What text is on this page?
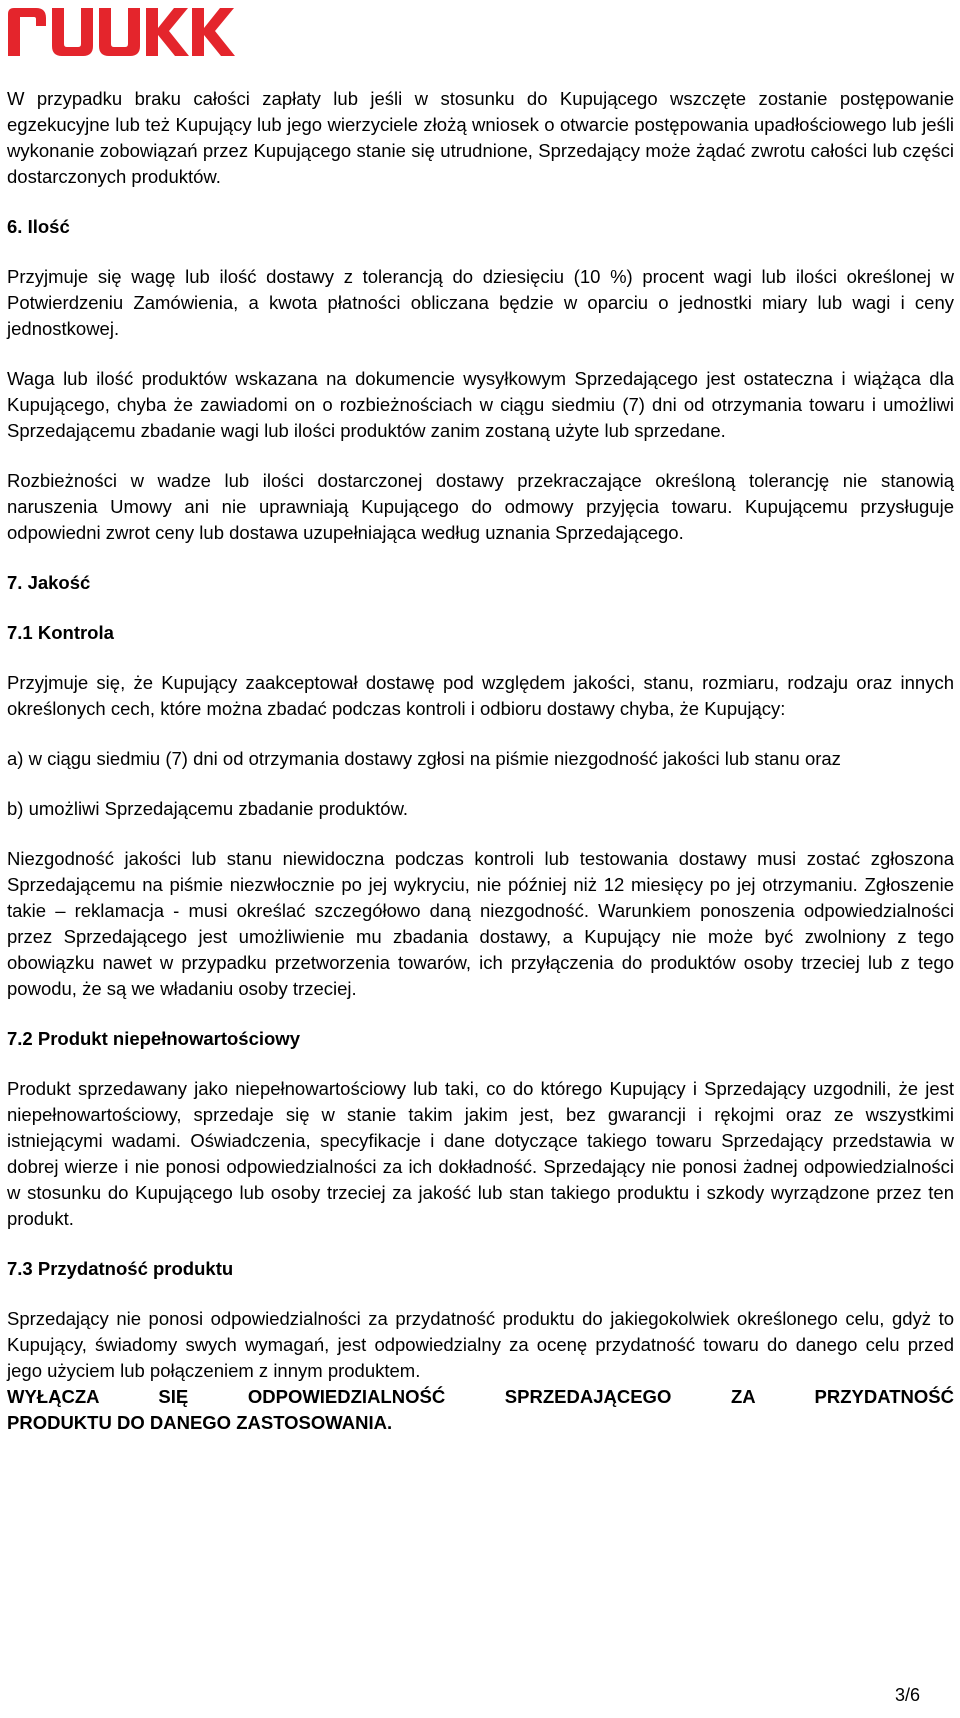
W przypadku braku całości zapłaty lub jeśli w stosunku do Kupującego wszczęte zostanie postępowanie egzekucyjne lub też Kupujący lub jego wierzyciele złożą wniosek o otwarcie postępowania upadłościowego lub jeśli wykonanie zobowiązań przez Kupującego stanie się utrudnione, Sprzedający może żądać zwrotu całości lub części dostarczonych produktów.

6. Ilość

Przyjmuje się wagę lub ilość dostawy z tolerancją do dziesięciu (10 %) procent wagi lub ilości określonej w Potwierdzeniu Zamówienia, a kwota płatności obliczana będzie w oparciu o jednostki miary lub wagi i ceny jednostkowej.

Waga lub ilość produktów wskazana na dokumencie wysyłkowym Sprzedającego jest ostateczna i wiążąca dla Kupującego, chyba że zawiadomi on o rozbieżnościach w ciągu siedmiu (7) dni od otrzymania towaru i umożliwi Sprzedającemu zbadanie wagi lub ilości produktów zanim zostaną użyte lub sprzedane.

Rozbieżności w wadze lub ilości dostarczonej dostawy przekraczające określoną tolerancję nie stanowią naruszenia Umowy ani nie uprawniają Kupującego do odmowy przyjęcia towaru. Kupującemu przysługuje odpowiedni zwrot ceny lub dostawa uzupełniająca według uznania Sprzedającego.

7. Jakość

7.1 Kontrola

Przyjmuje się, że Kupujący zaakceptował dostawę pod względem jakości, stanu, rozmiaru, rodzaju oraz innych określonych cech, które można zbadać podczas kontroli i odbioru dostawy chyba, że Kupujący:

a) w ciągu siedmiu (7) dni od otrzymania dostawy zgłosi na piśmie niezgodność jakości lub stanu oraz

b) umożliwi Sprzedającemu zbadanie produktów.

Niezgodność jakości lub stanu niewidoczna podczas kontroli lub testowania dostawy musi zostać zgłoszona Sprzedającemu na piśmie niezwłocznie po jej wykryciu, nie później niż 12 miesięcy po jej otrzymaniu. Zgłoszenie takie – reklamacja - musi określać szczegółowo daną niezgodność. Warunkiem ponoszenia odpowiedzialności przez Sprzedającego jest umożliwienie mu zbadania dostawy, a Kupujący nie może być zwolniony z tego obowiązku nawet w przypadku przetworzenia towarów, ich przyłączenia do produktów osoby trzeciej lub z tego powodu, że są we władaniu osoby trzeciej.

7.2 Produkt niepełnowartościowy

Produkt sprzedawany jako niepełnowartościowy lub taki, co do którego Kupujący i Sprzedający uzgodnili, że jest niepełnowartościowy, sprzedaje się w stanie takim jakim jest, bez gwarancji i rękojmi oraz ze wszystkimi istniejącymi wadami. Oświadczenia, specyfikacje i dane dotyczące takiego towaru Sprzedający przedstawia w dobrej wierze i nie ponosi odpowiedzialności za ich dokładność. Sprzedający nie ponosi żadnej odpowiedzialności w stosunku do Kupującego lub osoby trzeciej za jakość lub stan takiego produktu i szkody wyrządzone przez ten produkt.

7.3 Przydatność produktu

Sprzedający nie ponosi odpowiedzialności za przydatność produktu do jakiegokolwiek określonego celu, gdyż to Kupujący, świadomy swych wymagań, jest odpowiedzialny za ocenę przydatność towaru do danego celu przed jego użyciem lub połączeniem z innym produktem.

WYŁĄCZA SIĘ ODPOWIEDZIALNOŚĆ SPRZEDAJĄCEGO ZA PRZYDATNOŚĆ

PRODUKTU DO DANEGO ZASTOSOWANIA.

3/6
